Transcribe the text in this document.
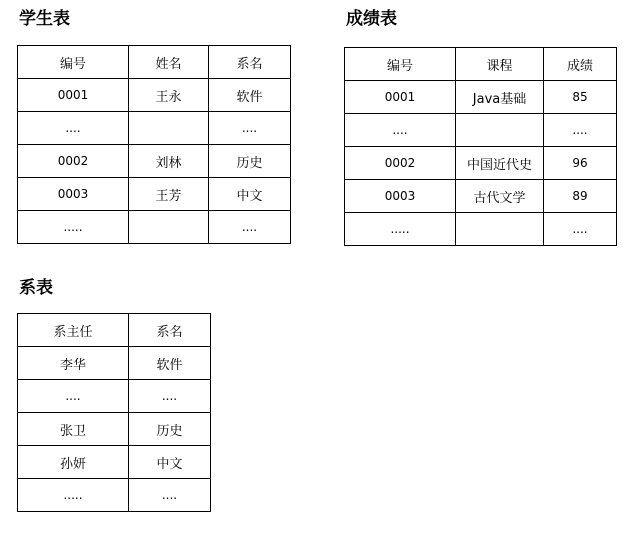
学生表
编号	姓名	系名
0001	王永	软件
....		....
0002	刘林	历史
0003	王芳	中文
.....		....
成绩表
编号	课程	成绩
0001	Java基础	85
....		....
0002	中国近代史	96
0003	古代文学	89
.....		....
系表
系主任	系名
李华	软件
....	....
张卫	历史
孙妍	中文
.....	....
